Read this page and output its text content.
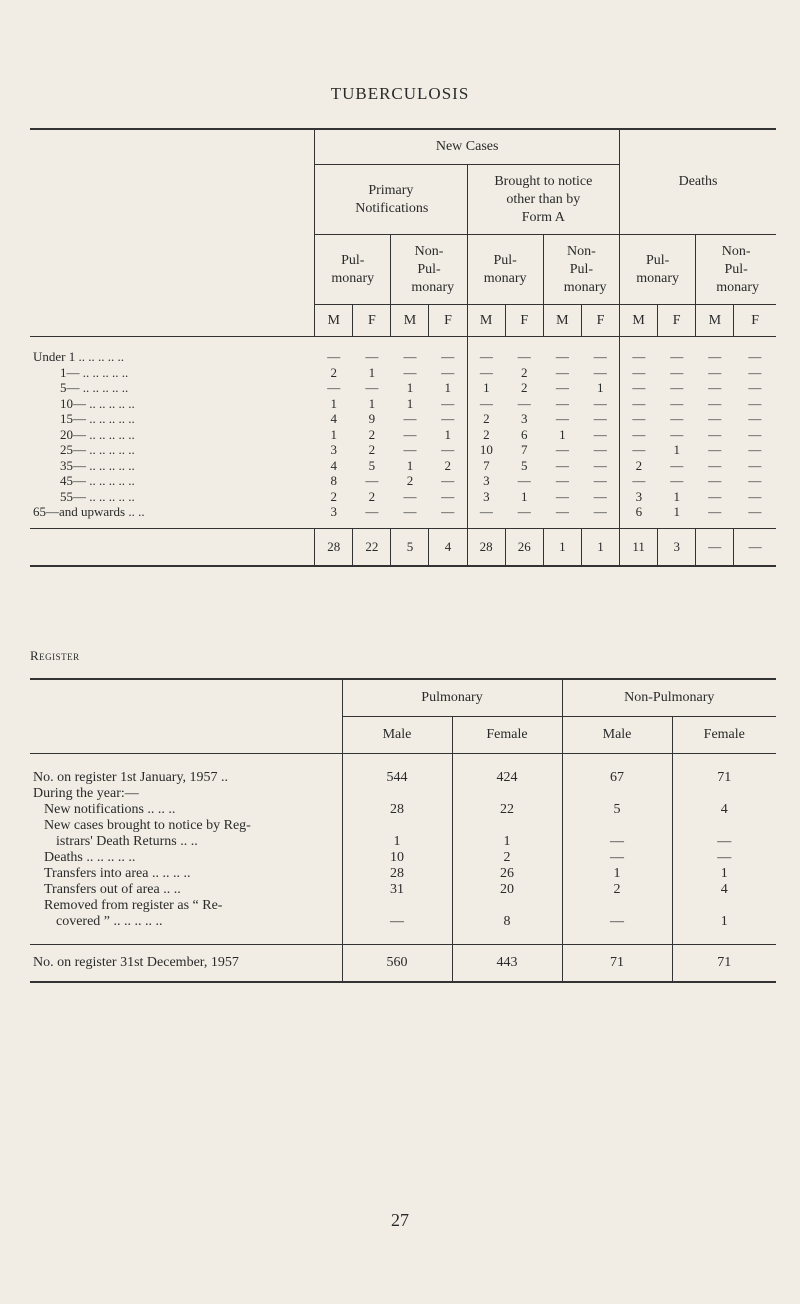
TUBERCULOSIS
	New Cases								Deaths			
	Primary Notifications				Brought to notice other than by Form A							
	Pul- monary		Non- Pul- monary		Pul- monary		Non- Pul- monary		Pul- monary		Non- Pul- monary	
	M	F	M	F	M	F	M	F	M	F	M	F
Under 1 .. .. .. .. ..	—	—	—	—	—	—	—	—	—	—	—	—
1— .. .. .. .. ..	2	1	—	—	—	2	—	—	—	—	—	—
5— .. .. .. .. ..	—	—	1	1	1	2	—	1	—	—	—	—
10— .. .. .. .. ..	1	1	1	—	—	—	—	—	—	—	—	—
15— .. .. .. .. ..	4	9	—	—	2	3	—	—	—	—	—	—
20— .. .. .. .. ..	1	2	—	1	2	6	1	—	—	—	—	—
25— .. .. .. .. ..	3	2	—	—	10	7	—	—	—	1	—	—
35— .. .. .. .. ..	4	5	1	2	7	5	—	—	2	—	—	—
45— .. .. .. .. ..	8	—	2	—	3	—	—	—	—	—	—	—
55— .. .. .. .. ..	2	2	—	—	3	1	—	—	3	1	—	—
65—and upwards .. ..	3	—	—	—	—	—	—	—	6	1	—	—
	28	22	5	4	28	26	1	1	11	3	—	—
Register
	Pulmonary		Non-Pulmonary	
	Male	Female	Male	Female
No. on register 1st January, 1957 ..	544	424	67	71
During the year:—				
New notifications .. .. ..	28	22	5	4
New cases brought to notice by Reg-				
istrars' Death Returns .. ..	1	1	—	—
Deaths .. .. .. .. ..	10	2	—	—
Transfers into area .. .. .. ..	28	26	1	1
Transfers out of area .. ..	31	20	2	4
Removed from register as “ Re-				
covered ” .. .. .. .. ..	—	8	—	1
No. on register 31st December, 1957	560	443	71	71
27
